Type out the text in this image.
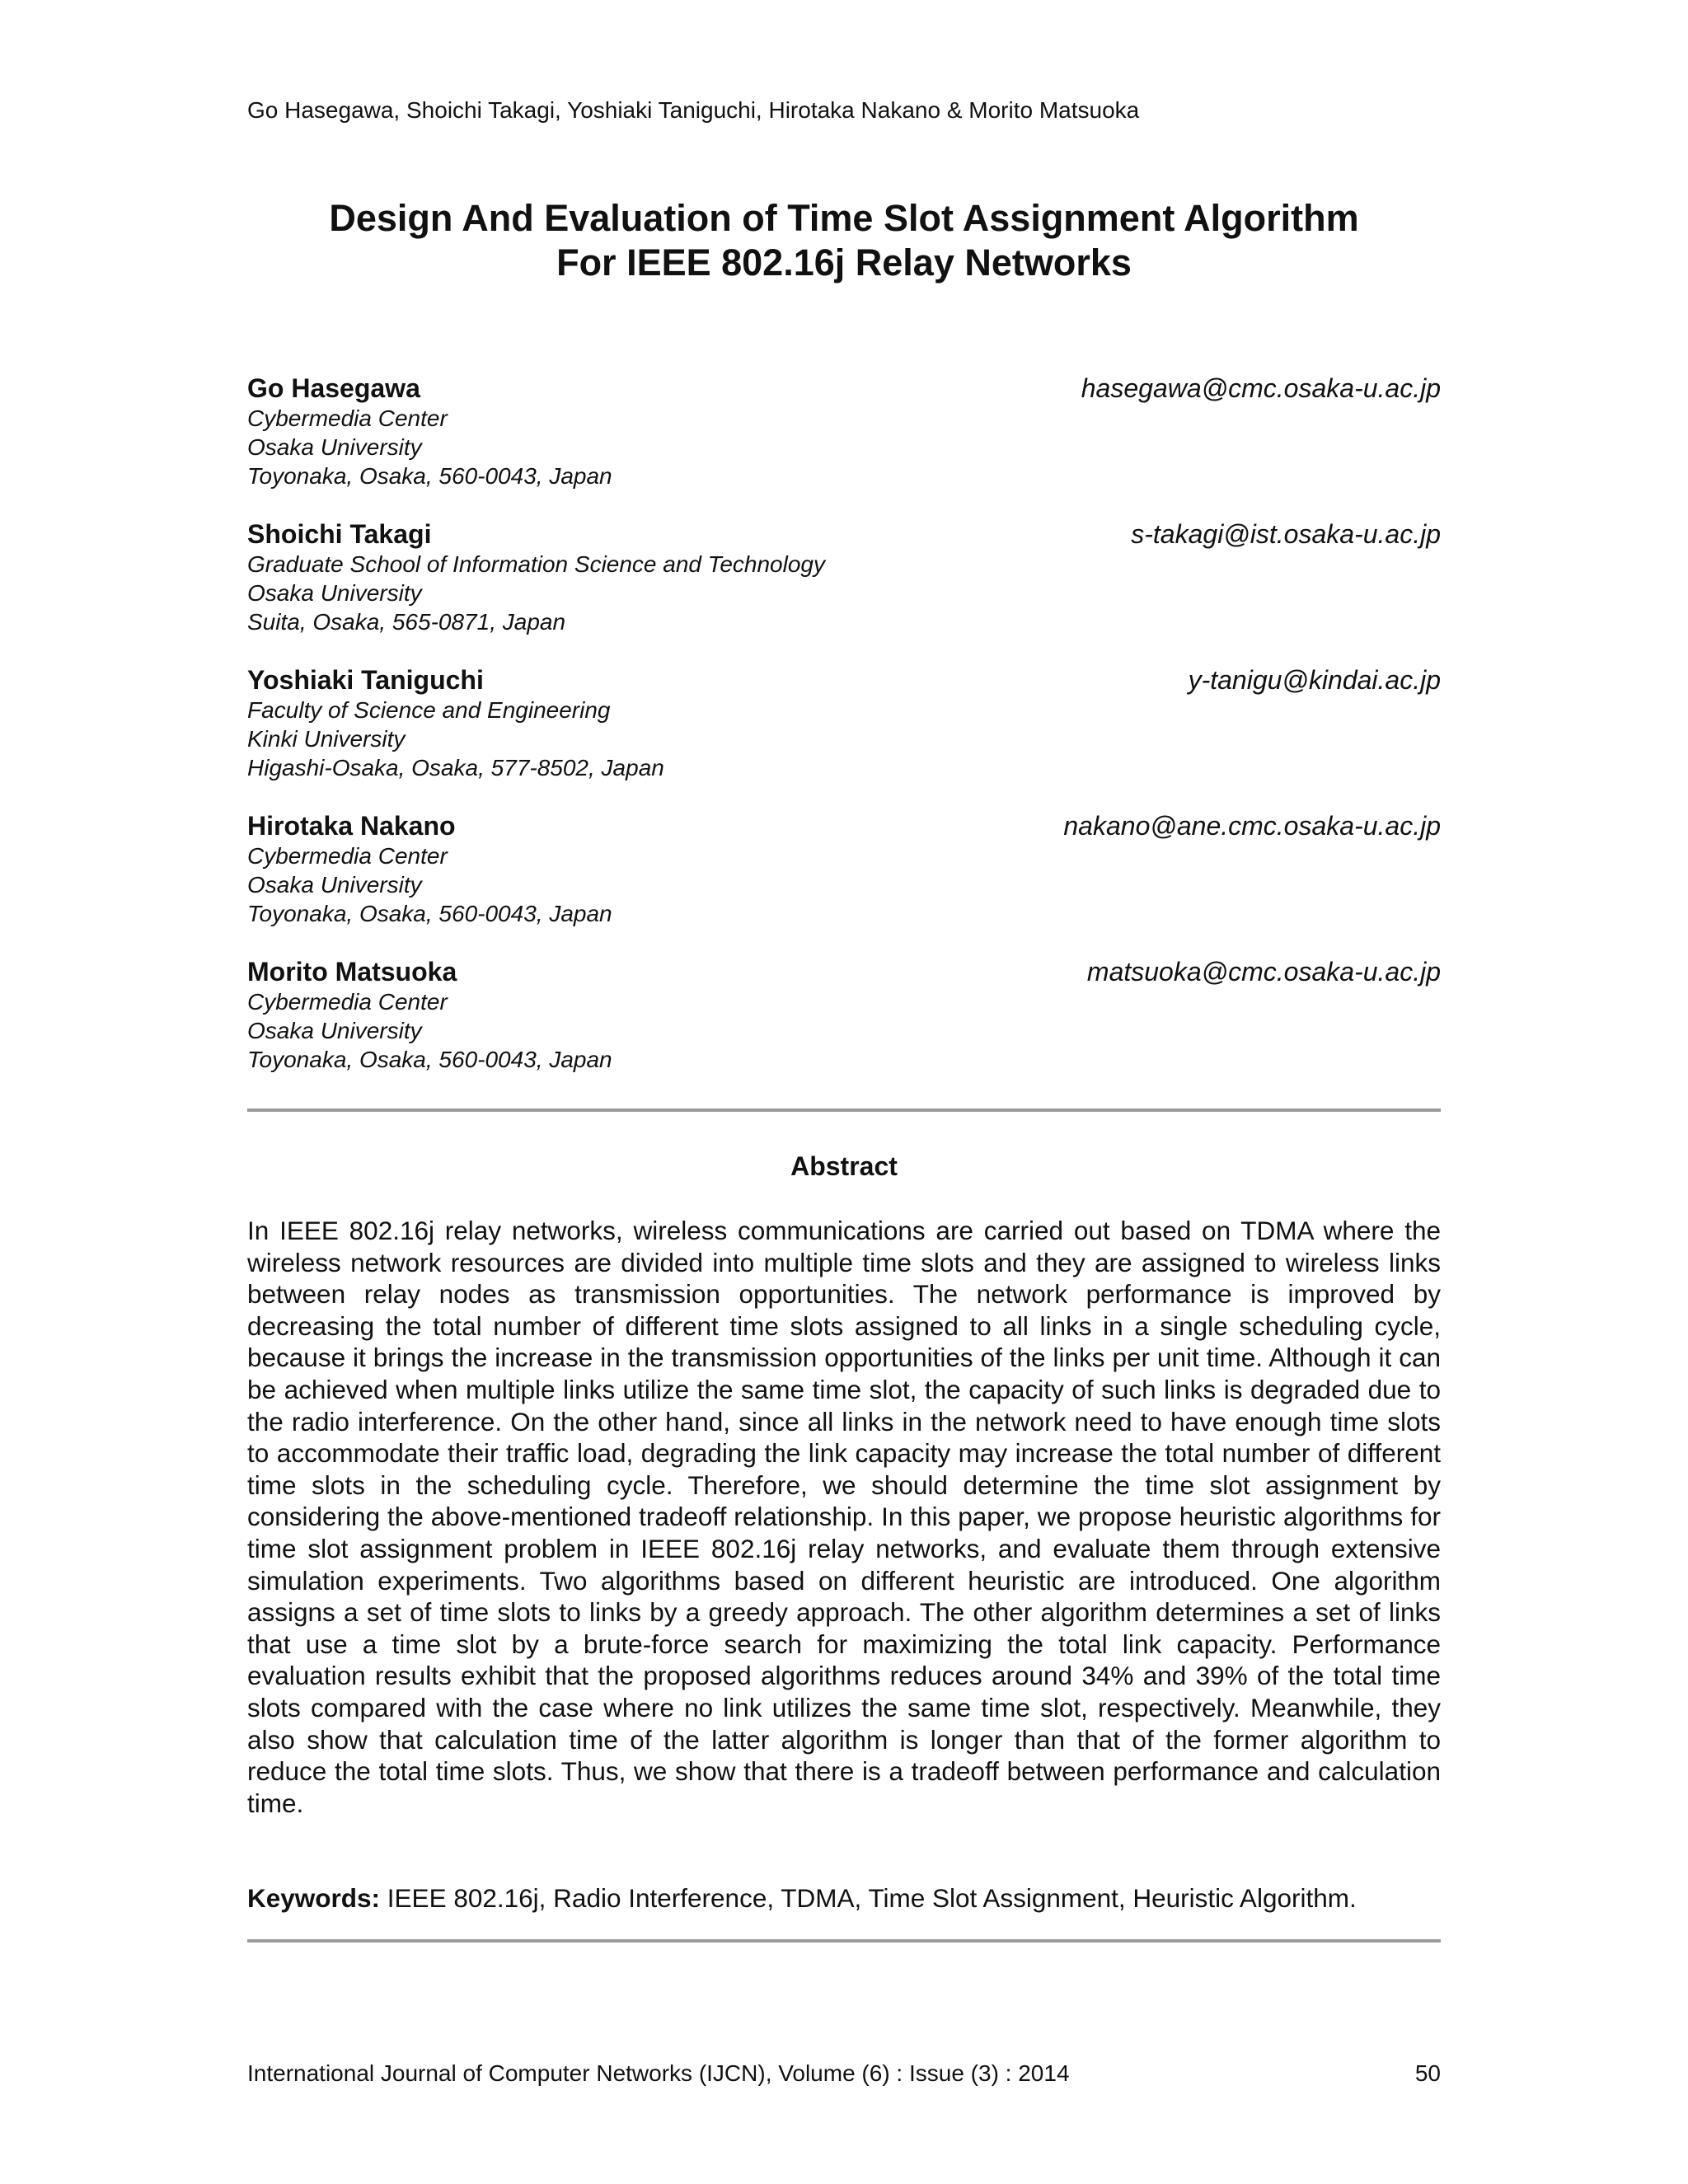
Go Hasegawa, Shoichi Takagi, Yoshiaki Taniguchi, Hirotaka Nakano & Morito Matsuoka
Design And Evaluation of Time Slot Assignment Algorithm
For IEEE 802.16j Relay Networks
Go Hasegawa
Cybermedia Center
Osaka University
Toyonaka, Osaka, 560-0043, Japan
hasegawa@cmc.osaka-u.ac.jp
Shoichi Takagi
Graduate School of Information Science and Technology
Osaka University
Suita, Osaka, 565-0871, Japan
s-takagi@ist.osaka-u.ac.jp
Yoshiaki Taniguchi
Faculty of Science and Engineering
Kinki University
Higashi-Osaka, Osaka, 577-8502, Japan
y-tanigu@kindai.ac.jp
Hirotaka Nakano
Cybermedia Center
Osaka University
Toyonaka, Osaka, 560-0043, Japan
nakano@ane.cmc.osaka-u.ac.jp
Morito Matsuoka
Cybermedia Center
Osaka University
Toyonaka, Osaka, 560-0043, Japan
matsuoka@cmc.osaka-u.ac.jp
Abstract
In IEEE 802.16j relay networks, wireless communications are carried out based on TDMA where the wireless network resources are divided into multiple time slots and they are assigned to wireless links between relay nodes as transmission opportunities. The network performance is improved by decreasing the total number of different time slots assigned to all links in a single scheduling cycle, because it brings the increase in the transmission opportunities of the links per unit time. Although it can be achieved when multiple links utilize the same time slot, the capacity of such links is degraded due to the radio interference. On the other hand, since all links in the network need to have enough time slots to accommodate their traffic load, degrading the link capacity may increase the total number of different time slots in the scheduling cycle. Therefore, we should determine the time slot assignment by considering the above-mentioned tradeoff relationship. In this paper, we propose heuristic algorithms for time slot assignment problem in IEEE 802.16j relay networks, and evaluate them through extensive simulation experiments. Two algorithms based on different heuristic are introduced. One algorithm assigns a set of time slots to links by a greedy approach. The other algorithm determines a set of links that use a time slot by a brute-force search for maximizing the total link capacity. Performance evaluation results exhibit that the proposed algorithms reduces around 34% and 39% of the total time slots compared with the case where no link utilizes the same time slot, respectively. Meanwhile, they also show that calculation time of the latter algorithm is longer than that of the former algorithm to reduce the total time slots. Thus, we show that there is a tradeoff between performance and calculation time.
Keywords: IEEE 802.16j, Radio Interference, TDMA, Time Slot Assignment, Heuristic Algorithm.
International Journal of Computer Networks (IJCN), Volume (6) : Issue (3) : 2014	50
